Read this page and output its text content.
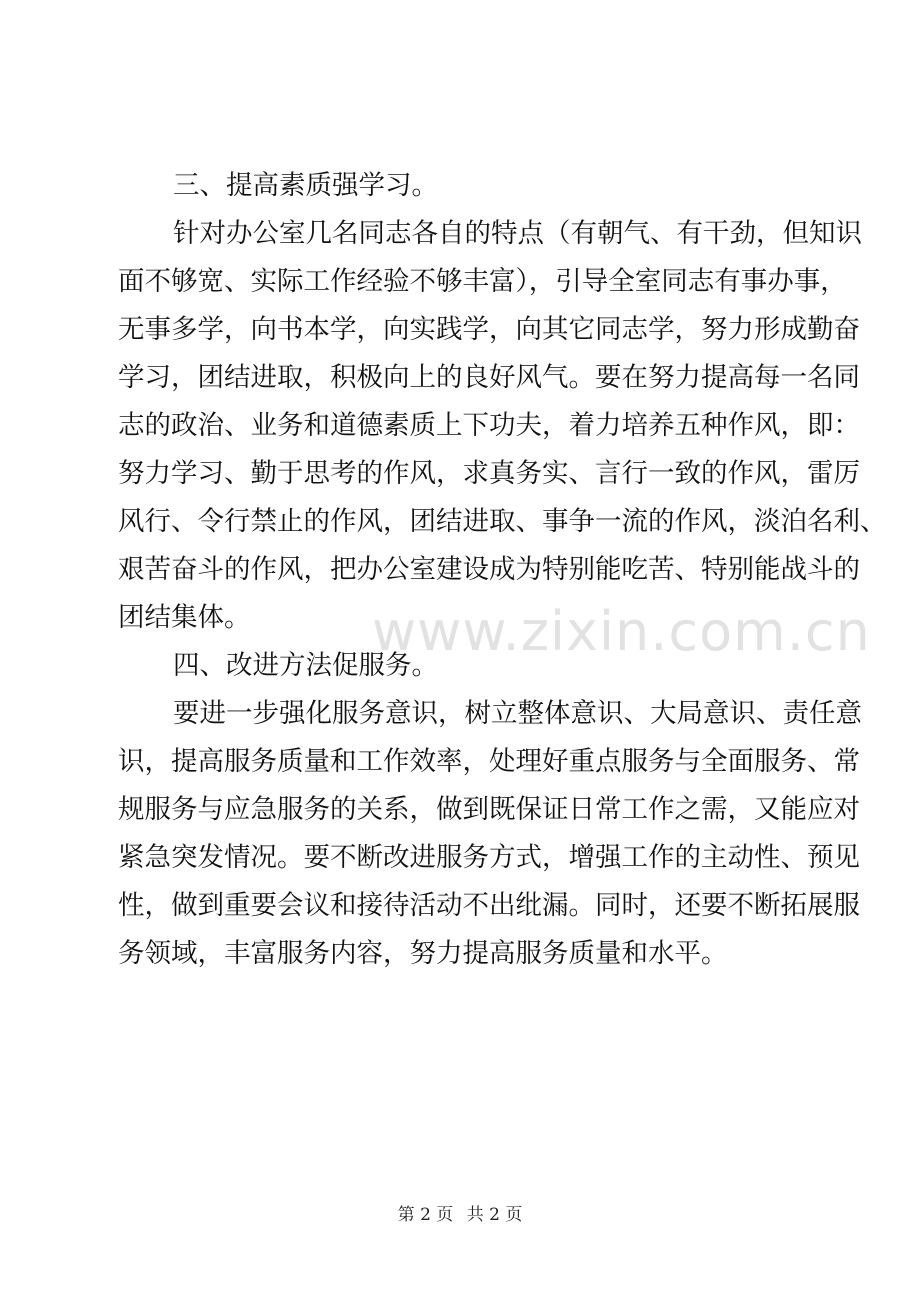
三、提高素质强学习。
针对办公室几名同志各自的特点（有朝气、有干劲，但知识
面不够宽、实际工作经验不够丰富），引导全室同志有事办事，
无事多学，向书本学，向实践学，向其它同志学，努力形成勤奋
学习，团结进取，积极向上的良好风气。要在努力提高每一名同
志的政治、业务和道德素质上下功夫，着力培养五种作风，即：
努力学习、勤于思考的作风，求真务实、言行一致的作风，雷厉
风行、令行禁止的作风，团结进取、事争一流的作风，淡泊名利、
艰苦奋斗的作风，把办公室建设成为特别能吃苦、特别能战斗的
团结集体。
四、改进方法促服务。
要进一步强化服务意识，树立整体意识、大局意识、责任意
识，提高服务质量和工作效率，处理好重点服务与全面服务、常
规服务与应急服务的关系，做到既保证日常工作之需，又能应对
紧急突发情况。要不断改进服务方式，增强工作的主动性、预见
性，做到重要会议和接待活动不出纰漏。同时，还要不断拓展服
务领域，丰富服务内容，努力提高服务质量和水平。
www.zixin.com.cn
第 2 页 共 2 页
